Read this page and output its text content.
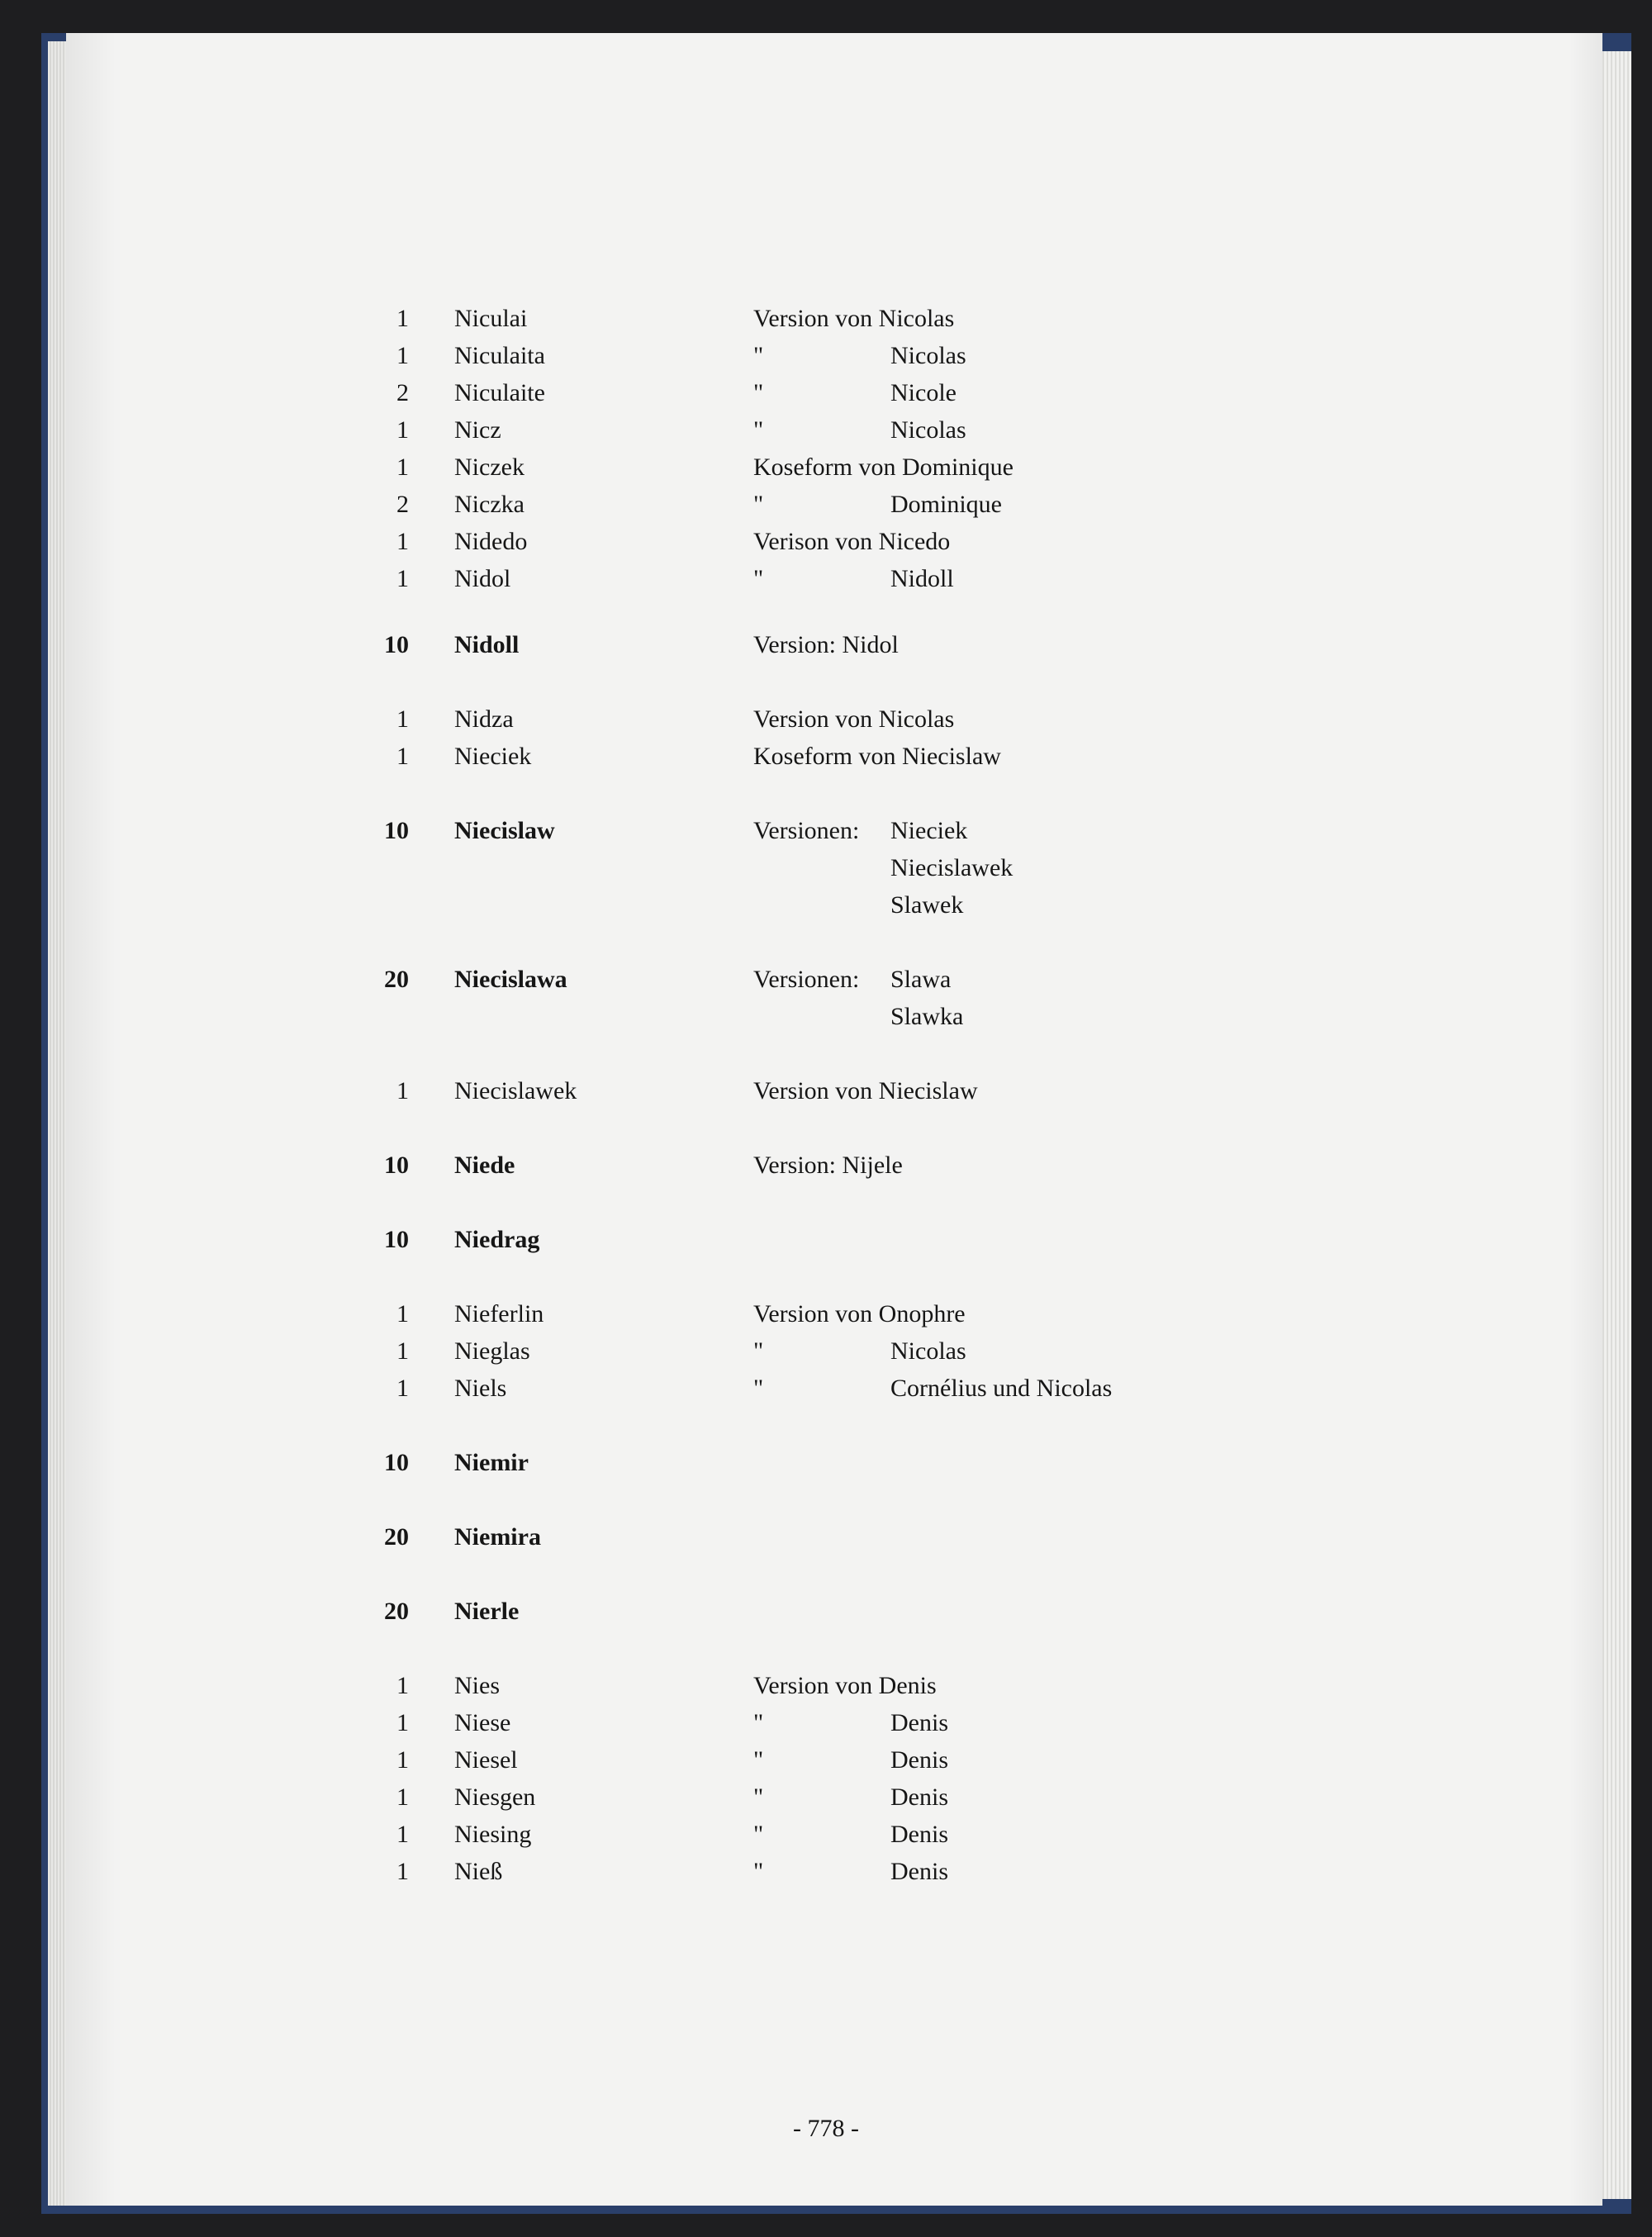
1 Niculai	Version von Nicolas
1 Niculaita	"	Nicolas
2 Niculaite	"	Nicole
1 Nicz	"	Nicolas
1 Niczek	Koseform von Dominique
2 Niczka	"	Dominique
1 Nidedo	Verison von Nicedo
1 Nidol	"	Nidoll
10 Nidoll	Version: Nidol
1 Nidza	Version von Nicolas
1 Nieciek	Koseform von Niecislaw
10 Niecislaw	Versionen: Nieciek
Niecislawek
Slawek
20 Niecislawa	Versionen: Slawa
Slawka
1 Niecislawek	Version von Niecislaw
10 Niede	Version: Nijele
10 Niedrag
1 Nieferlin	Version von Onophre
1 Nieglas	"	Nicolas
1 Niels	"	Cornélius und Nicolas
10 Niemir
20 Niemira
20 Nierle
1 Nies	Version von Denis
1 Niese	"	Denis
1 Niesel	"	Denis
1 Niesgen	"	Denis
1 Niesing	"	Denis
1 Nieß	"	Denis
- 778 -
